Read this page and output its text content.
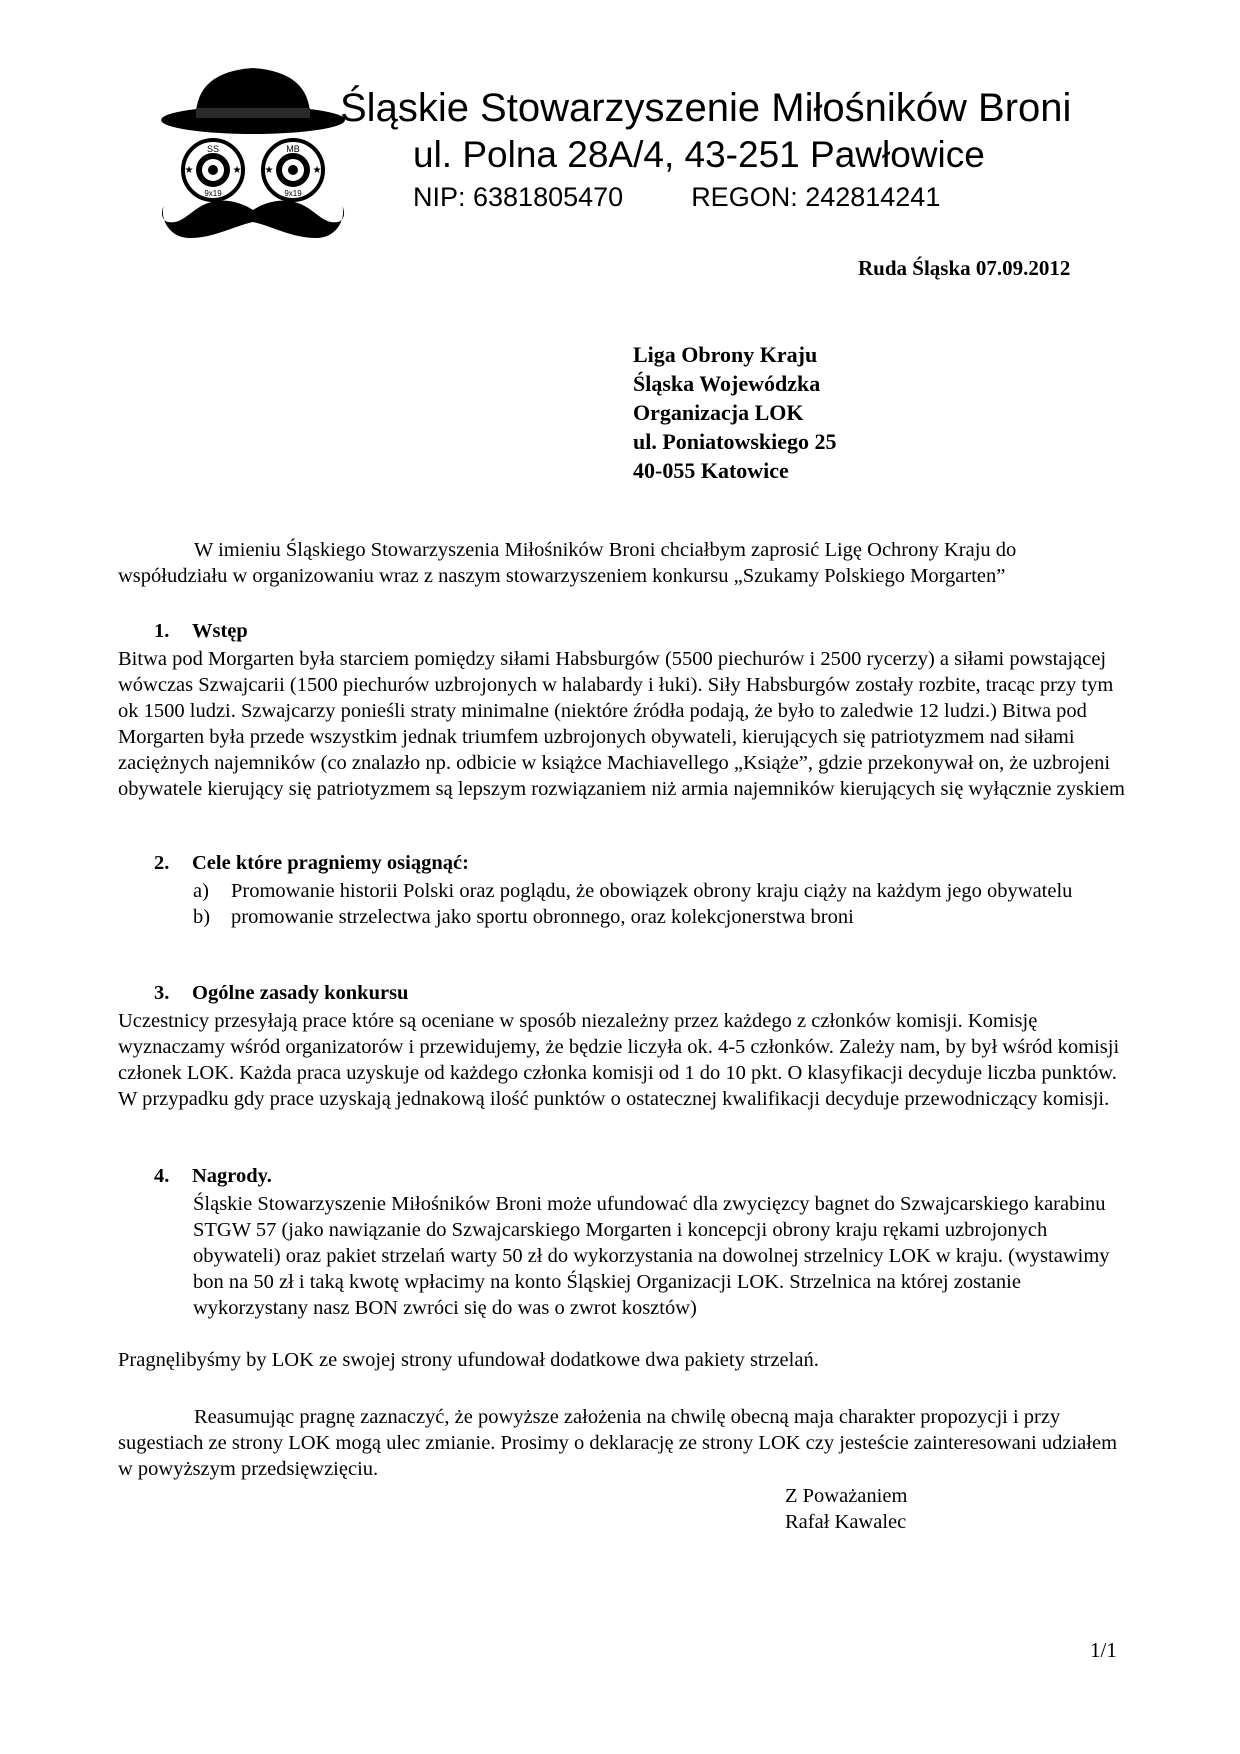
SS
9x19
★	★
MB
9x19
★	★
Śląskie Stowarzyszenie Miłośników Broni
ul. Polna 28A/4, 43-251 Pawłowice
NIP: 6381805470	REGON: 242814241
Ruda Śląska 07.09.2012
Liga Obrony Kraju
Śląska Wojewódzka
Organizacja LOK
ul. Poniatowskiego 25
40-055 Katowice

W imieniu Śląskiego Stowarzyszenia Miłośników Broni chciałbym zaprosić Ligę Ochrony Kraju do współudziału w organizowaniu wraz z naszym stowarzyszeniem konkursu „Szukamy Polskiego Morgarten”

1. Wstęp

Bitwa pod Morgarten była starciem pomiędzy siłami Habsburgów (5500 piechurów i 2500 rycerzy) a siłami powstającej wówczas Szwajcarii (1500 piechurów uzbrojonych w halabardy i łuki). Siły Habsburgów zostały rozbite, tracąc przy tym ok 1500 ludzi. Szwajcarzy ponieśli straty minimalne (niektóre źródła podają, że było to zaledwie 12 ludzi.) Bitwa pod Morgarten była przede wszystkim jednak triumfem uzbrojonych obywateli, kierujących się patriotyzmem nad siłami zaciężnych najemników (co znalazło np. odbicie w książce Machiavellego „Książe”, gdzie przekonywał on, że uzbrojeni obywatele kierujący się patriotyzmem są lepszym rozwiązaniem niż armia najemników kierujących się wyłącznie zyskiem

2. Cele które pragniemy osiągnąć:
a) Promowanie historii Polski oraz poglądu, że obowiązek obrony kraju ciąży na każdym jego obywatelu
b) promowanie strzelectwa jako sportu obronnego, oraz kolekcjonerstwa broni
3. Ogólne zasady konkursu

Uczestnicy przesyłają prace które są oceniane w sposób niezależny przez każdego z członków komisji. Komisję wyznaczamy wśród organizatorów i przewidujemy, że będzie liczyła ok. 4-5 członków. Zależy nam, by był wśród komisji członek LOK. Każda praca uzyskuje od każdego członka komisji od 1 do 10 pkt. O klasyfikacji decyduje liczba punktów. W przypadku gdy prace uzyskają jednakową ilość punktów o ostatecznej kwalifikacji decyduje przewodniczący komisji.

4. Nagrody.

Śląskie Stowarzyszenie Miłośników Broni może ufundować dla zwycięzcy bagnet do Szwajcarskiego karabinu STGW 57 (jako nawiązanie do Szwajcarskiego Morgarten i koncepcji obrony kraju rękami uzbrojonych obywateli) oraz pakiet strzelań warty 50 zł do wykorzystania na dowolnej strzelnicy LOK w kraju. (wystawimy bon na 50 zł i taką kwotę wpłacimy na konto Śląskiej Organizacji LOK. Strzelnica na której zostanie wykorzystany nasz BON zwróci się do was o zwrot kosztów)

Pragnęlibyśmy by LOK ze swojej strony ufundował dodatkowe dwa pakiety strzelań.

Reasumując pragnę zaznaczyć, że powyższe założenia na chwilę obecną maja charakter propozycji i przy sugestiach ze strony LOK mogą ulec zmianie. Prosimy o deklarację ze strony LOK czy jesteście zainteresowani udziałem w powyższym przedsięwzięciu.

Z Poważaniem
Rafał Kawalec
1/1
